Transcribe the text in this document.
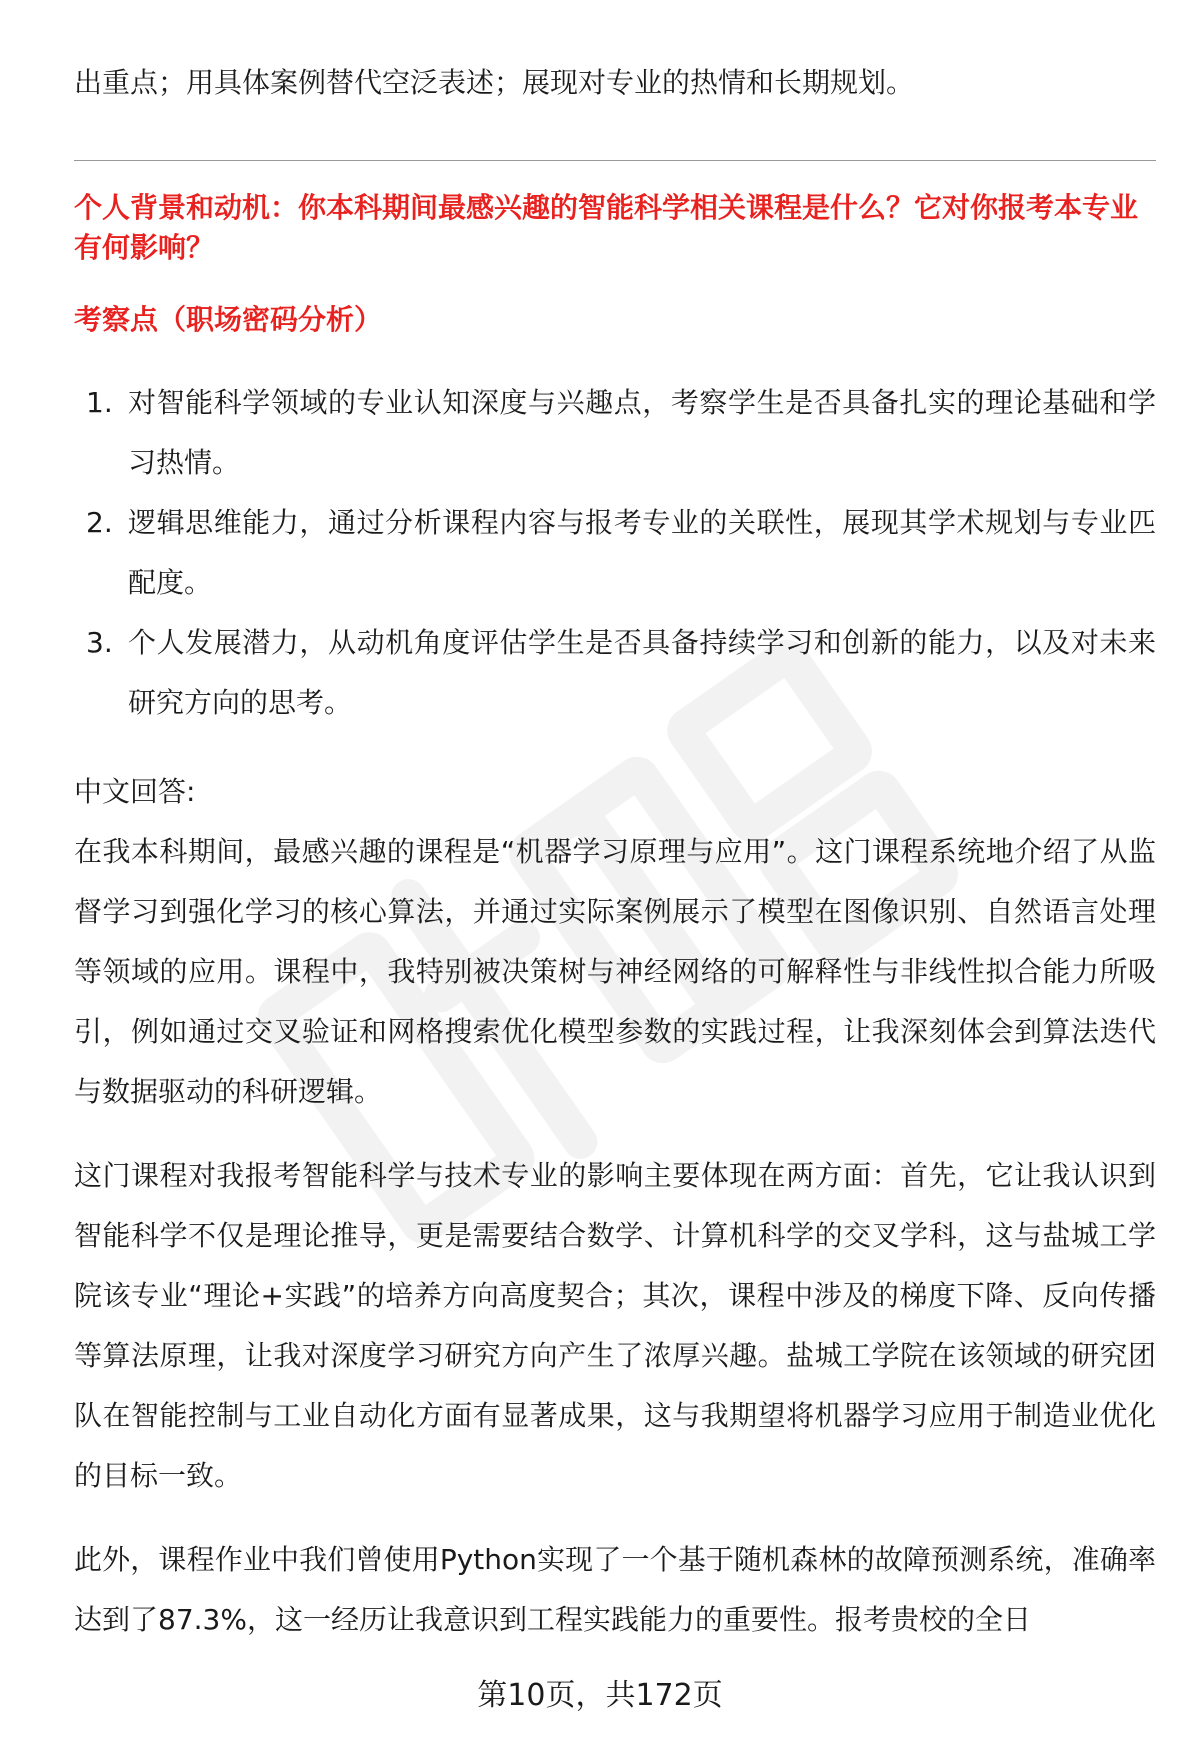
出重点；用具体案例替代空泛表述；展现对专业的热情和长期规划。

个人背景和动机：你本科期间最感兴趣的智能科学相关课程是什么？它对你报考本专业有何影响？

考察点（职场密码分析）

1. 对智能科学领域的专业认知深度与兴趣点，考察学生是否具备扎实的理论基础和学习热情。
2. 逻辑思维能力，通过分析课程内容与报考专业的关联性，展现其学术规划与专业匹配度。
3. 个人发展潜力，从动机角度评估学生是否具备持续学习和创新的能力，以及对未来研究方向的思考。

中文回答:

在我本科期间，最感兴趣的课程是“机器学习原理与应用”。这门课程系统地介绍了从监督学习到强化学习的核心算法，并通过实际案例展示了模型在图像识别、自然语言处理等领域的应用。课程中，我特别被决策树与神经网络的可解释性与非线性拟合能力所吸引，例如通过交叉验证和网格搜索优化模型参数的实践过程，让我深刻体会到算法迭代与数据驱动的科研逻辑。

这门课程对我报考智能科学与技术专业的影响主要体现在两方面：首先，它让我认识到智能科学不仅是理论推导，更是需要结合数学、计算机科学的交叉学科，这与盐城工学院该专业“理论+实践”的培养方向高度契合；其次，课程中涉及的梯度下降、反向传播等算法原理，让我对深度学习研究方向产生了浓厚兴趣。盐城工学院在该领域的研究团队在智能控制与工业自动化方面有显著成果，这与我期望将机器学习应用于制造业优化的目标一致。

此外，课程作业中我们曾使用Python实现了一个基于随机森林的故障预测系统，准确率达到了87.3%，这一经历让我意识到工程实践能力的重要性。报考贵校的全日

第10页，共172页
